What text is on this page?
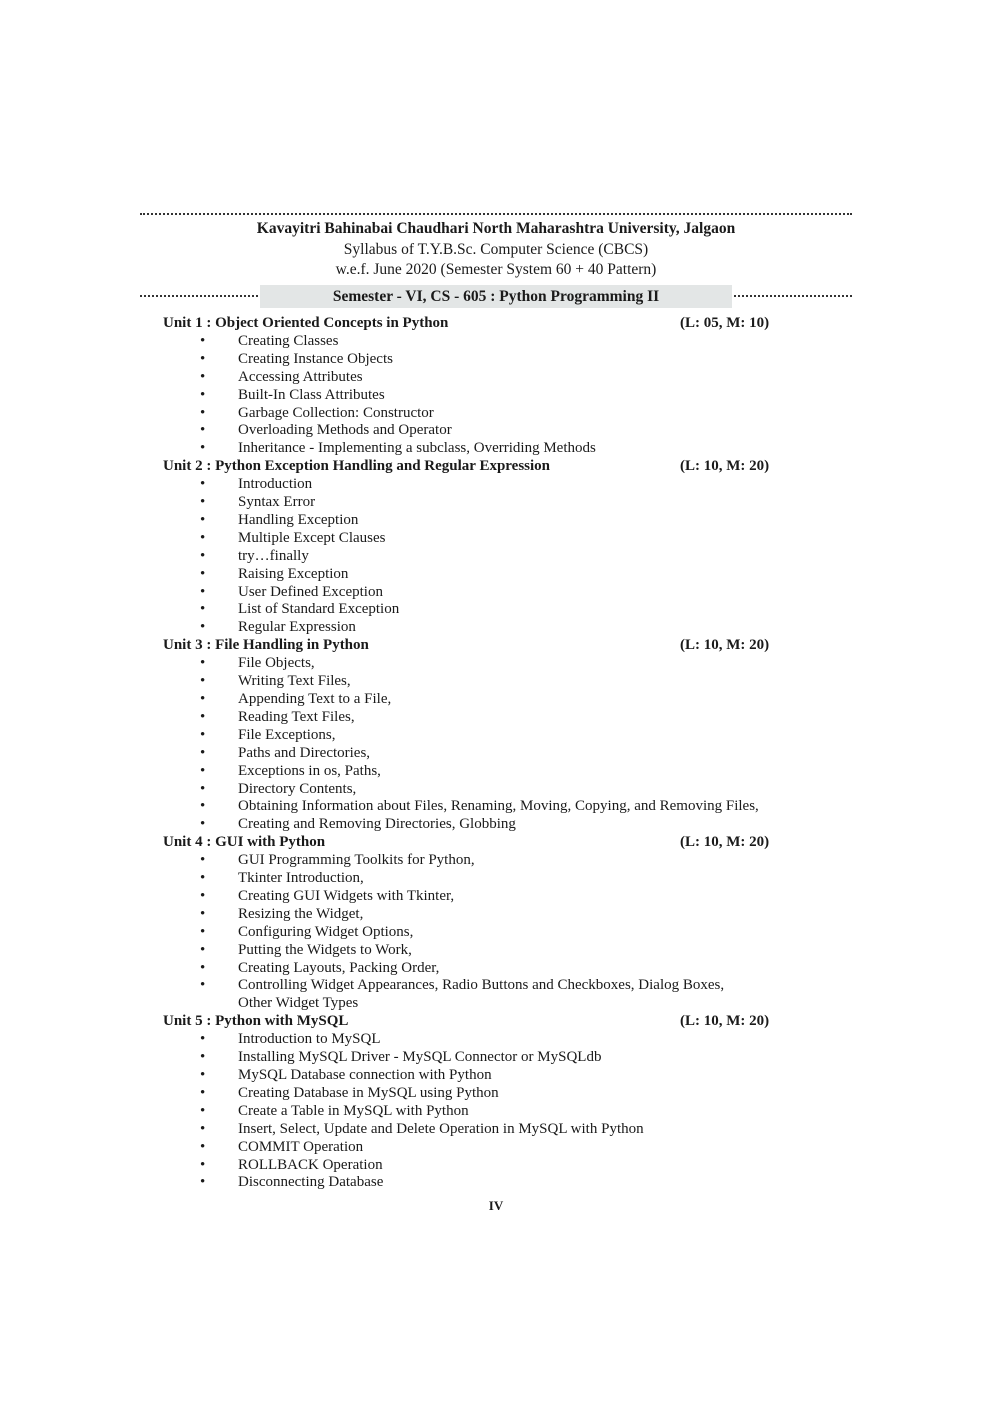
Kavayitri Bahinabai Chaudhari North Maharashtra University, Jalgaon
Syllabus of T.Y.B.Sc. Computer Science (CBCS)
w.e.f. June 2020 (Semester System 60 + 40 Pattern)
Semester - VI, CS - 605 : Python Programming II
Unit 1 : Object Oriented Concepts in Python	(L: 05, M: 10)
• Creating Classes
• Creating Instance Objects
• Accessing Attributes
• Built-In Class Attributes
• Garbage Collection: Constructor
• Overloading Methods and Operator
• Inheritance - Implementing a subclass, Overriding Methods
Unit 2 : Python Exception Handling and Regular Expression	(L: 10, M: 20)
• Introduction
• Syntax Error
• Handling Exception
• Multiple Except Clauses
• try…finally
• Raising Exception
• User Defined Exception
• List of Standard Exception
• Regular Expression
Unit 3 : File Handling in Python	(L: 10, M: 20)
• File Objects,
• Writing Text Files,
• Appending Text to a File,
• Reading Text Files,
• File Exceptions,
• Paths and Directories,
• Exceptions in os, Paths,
• Directory Contents,
• Obtaining Information about Files, Renaming, Moving, Copying, and Removing Files,
• Creating and Removing Directories, Globbing
Unit 4 : GUI with Python	(L: 10, M: 20)
• GUI Programming Toolkits for Python,
• Tkinter Introduction,
• Creating GUI Widgets with Tkinter,
• Resizing the Widget,
• Configuring Widget Options,
• Putting the Widgets to Work,
• Creating Layouts, Packing Order,
• Controlling Widget Appearances, Radio Buttons and Checkboxes, Dialog Boxes,
Other Widget Types
Unit 5 : Python with MySQL	(L: 10, M: 20)
• Introduction to MySQL
• Installing MySQL Driver - MySQL Connector or MySQLdb
• MySQL Database connection with Python
• Creating Database in MySQL using Python
• Create a Table in MySQL with Python
• Insert, Select, Update and Delete Operation in MySQL with Python
• COMMIT Operation
• ROLLBACK Operation
• Disconnecting Database
IV
